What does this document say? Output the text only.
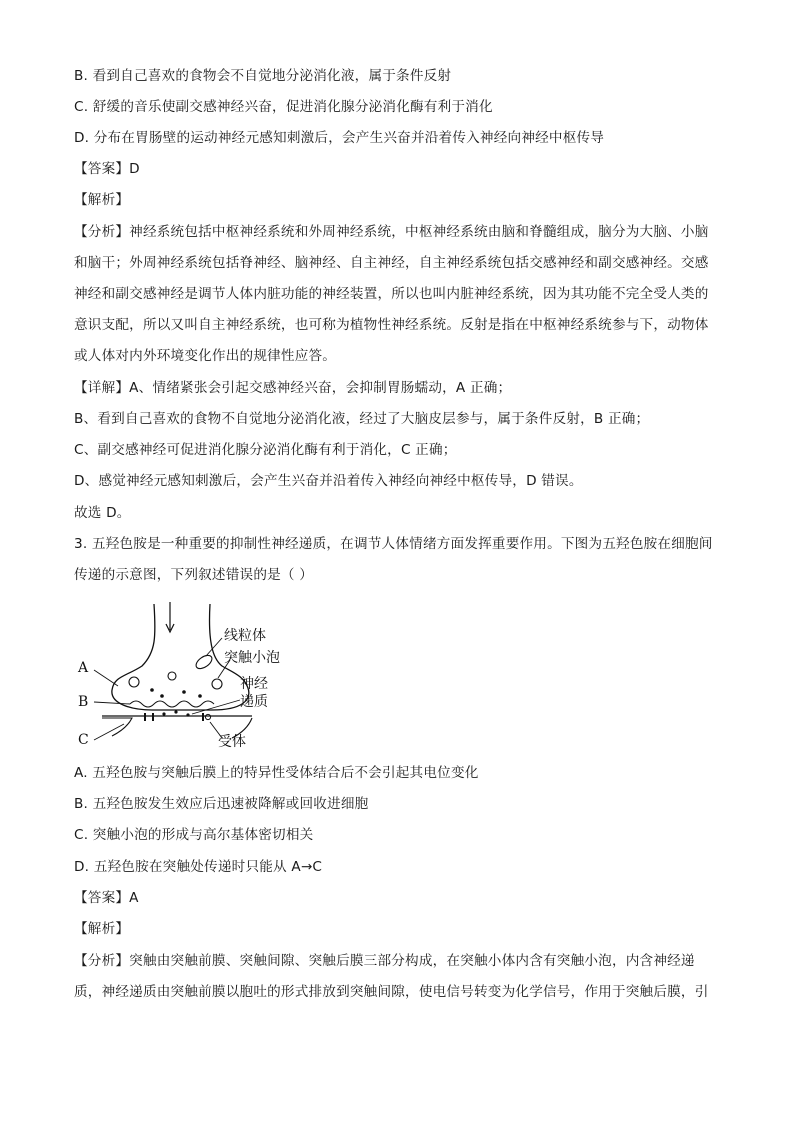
B. 看到自己喜欢的食物会不自觉地分泌消化液，属于条件反射
C. 舒缓的音乐使副交感神经兴奋，促进消化腺分泌消化酶有利于消化
D. 分布在胃肠壁的运动神经元感知刺激后，会产生兴奋并沿着传入神经向神经中枢传导
【答案】D
【解析】
【分析】神经系统包括中枢神经系统和外周神经系统，中枢神经系统由脑和脊髓组成，脑分为大脑、小脑
和脑干；外周神经系统包括脊神经、脑神经、自主神经，自主神经系统包括交感神经和副交感神经。交感
神经和副交感神经是调节人体内脏功能的神经装置，所以也叫内脏神经系统，因为其功能不完全受人类的
意识支配，所以又叫自主神经系统，也可称为植物性神经系统。反射是指在中枢神经系统参与下，动物体
或人体对内外环境变化作出的规律性应答。
【详解】A、情绪紧张会引起交感神经兴奋，会抑制胃肠蠕动，A 正确；
B、看到自己喜欢的食物不自觉地分泌消化液，经过了大脑皮层参与，属于条件反射，B 正确；
C、副交感神经可促进消化腺分泌消化酶有利于消化，C 正确；
D、感觉神经元感知刺激后，会产生兴奋并沿着传入神经向神经中枢传导，D 错误。
故选 D。
3. 五羟色胺是一种重要的抑制性神经递质，在调节人体情绪方面发挥重要作用。下图为五羟色胺在细胞间
传递的示意图，下列叙述错误的是（ ）
线粒体
突触小泡
神经
递质
受体
A
B
C
A. 五羟色胺与突触后膜上的特异性受体结合后不会引起其电位变化
B. 五羟色胺发生效应后迅速被降解或回收进细胞
C. 突触小泡的形成与高尔基体密切相关
D. 五羟色胺在突触处传递时只能从 A→C
【答案】A
【解析】
【分析】突触由突触前膜、突触间隙、突触后膜三部分构成，在突触小体内含有突触小泡，内含神经递
质，神经递质由突触前膜以胞吐的形式排放到突触间隙，使电信号转变为化学信号，作用于突触后膜，引
